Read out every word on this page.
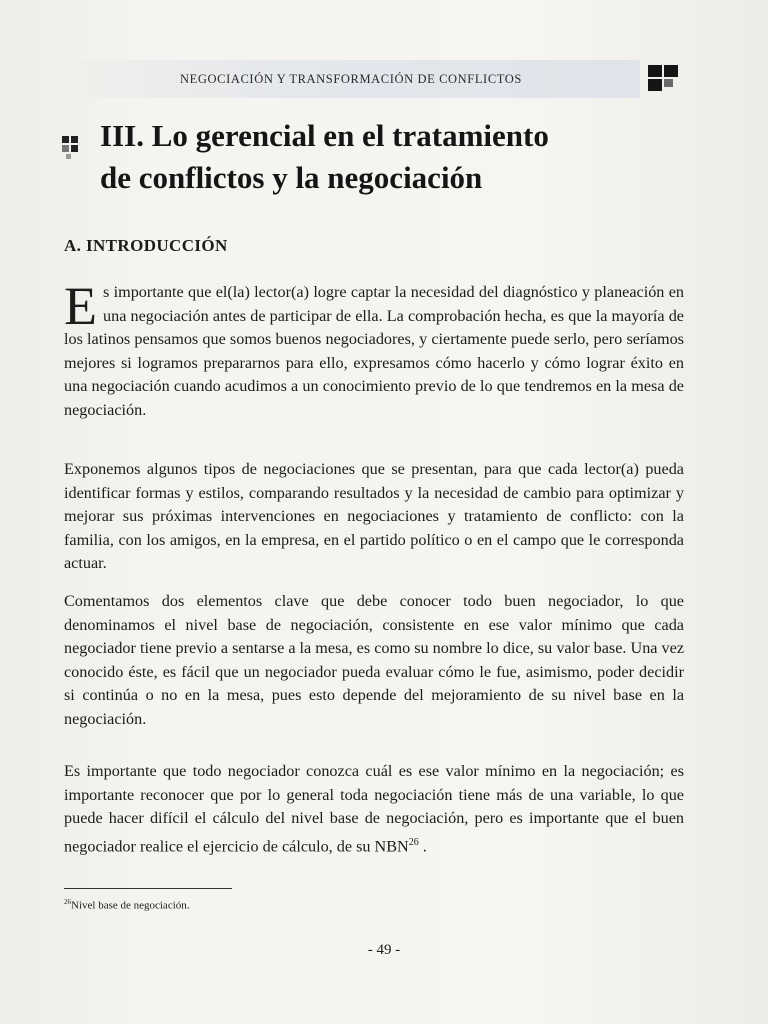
NEGOCIACIÓN Y TRANSFORMACIÓN DE CONFLICTOS
III. Lo gerencial en el tratamiento
de conflictos y la negociación
A. INTRODUCCIÓN

Es importante que el(la) lector(a) logre captar la necesidad del diagnóstico y planeación en una negociación antes de participar de ella. La comprobación hecha, es que la mayoría de los latinos pensamos que somos buenos negociadores, y ciertamente puede serlo, pero seríamos mejores si logramos prepararnos para ello, expresamos cómo hacerlo y cómo lograr éxito en una negociación cuando acudimos a un conocimiento previo de lo que tendremos en la mesa de negociación.

Exponemos algunos tipos de negociaciones que se presentan, para que cada lector(a) pueda identificar formas y estilos, comparando resultados y la necesidad de cambio para optimizar y mejorar sus próximas intervenciones en negociaciones y tratamiento de conflicto: con la familia, con los amigos, en la empresa, en el partido político o en el campo que le corresponda actuar.

Comentamos dos elementos clave que debe conocer todo buen negociador, lo que denominamos el nivel base de negociación, consistente en ese valor mínimo que cada negociador tiene previo a sentarse a la mesa, es como su nombre lo dice, su valor base. Una vez conocido éste, es fácil que un negociador pueda evaluar cómo le fue, asimismo, poder decidir si continúa o no en la mesa, pues esto depende del mejoramiento de su nivel base en la negociación.

Es importante que todo negociador conozca cuál es ese valor mínimo en la negociación; es importante reconocer que por lo general toda negociación tiene más de una variable, lo que puede hacer difícil el cálculo del nivel base de negociación, pero es importante que el buen negociador realice el ejercicio de cálculo, de su NBN$^{26}$ .

$^{26}$Nivel base de negociación.

- 49 -
